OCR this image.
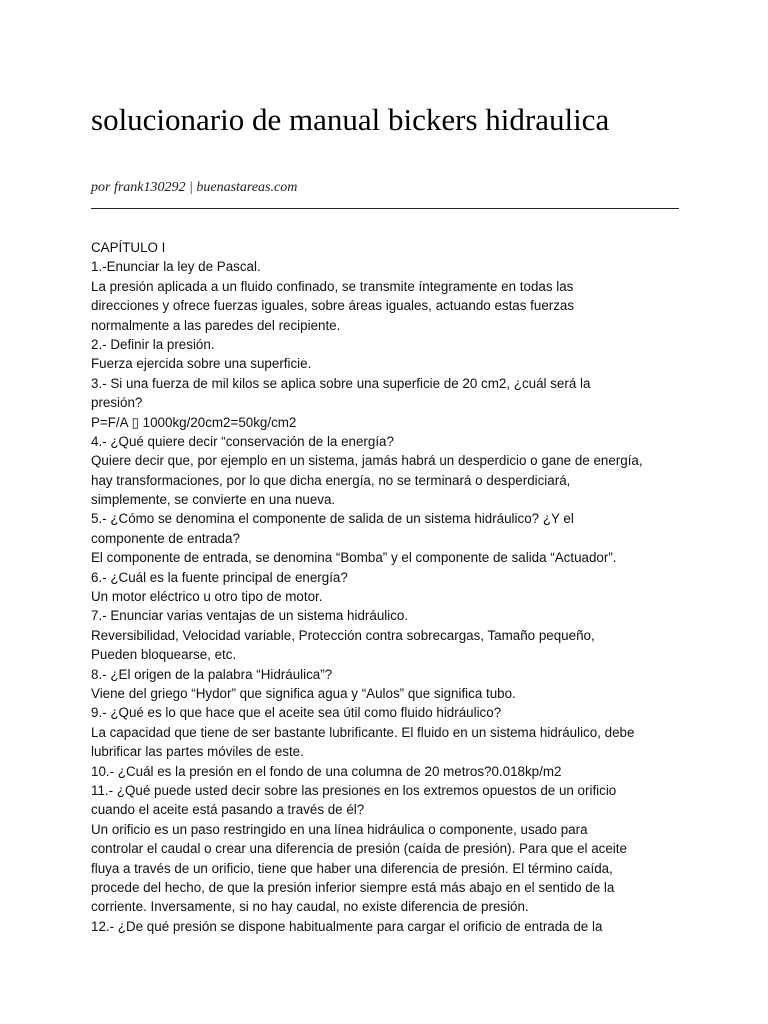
solucionario de manual bickers hidraulica
por frank130292 | buenastareas.com
CAPÍTULO I
1.-Enunciar la ley de Pascal.
La presión aplicada a un fluido confinado, se transmite íntegramente en todas las
direcciones y ofrece fuerzas iguales, sobre áreas iguales, actuando estas fuerzas
normalmente a las paredes del recipiente.
2.- Definir la presión.
Fuerza ejercida sobre una superficie.
3.- Si una fuerza de mil kilos se aplica sobre una superficie de 20 cm2, ¿cuál será la
presión?
P=F/A ▯ 1000kg/20cm2=50kg/cm2
4.- ¿Qué quiere decir “conservación de la energía?
Quiere decir que, por ejemplo en un sistema, jamás habrá un desperdicio o gane de energía,
hay transformaciones, por lo que dicha energía, no se terminará o desperdiciará,
simplemente, se convierte en una nueva.
5.- ¿Cómo se denomina el componente de salida de un sistema hidráulico? ¿Y el
componente de entrada?
El componente de entrada, se denomina “Bomba” y el componente de salida “Actuador”.
6.- ¿Cuál es la fuente principal de energía?
Un motor eléctrico u otro tipo de motor.
7.- Enunciar varias ventajas de un sistema hidráulico.
Reversibilidad, Velocidad variable, Protección contra sobrecargas, Tamaño pequeño,
Pueden bloquearse, etc.
8.- ¿El origen de la palabra “Hidráulica”?
Viene del griego “Hydor” que significa agua y “Aulos” que significa tubo.
9.- ¿Qué es lo que hace que el aceite sea útil como fluido hidráulico?
La capacidad que tiene de ser bastante lubrificante. El fluido en un sistema hidráulico, debe
lubrificar las partes móviles de este.
10.- ¿Cuál es la presión en el fondo de una columna de 20 metros?0.018kp/m2
11.- ¿Qué puede usted decir sobre las presiones en los extremos opuestos de un orificio
cuando el aceite está pasando a través de él?
Un orificio es un paso restringido en una línea hidráulica o componente, usado para
controlar el caudal o crear una diferencia de presión (caída de presión). Para que el aceite
fluya a través de un orificio, tiene que haber una diferencia de presión. El término caída,
procede del hecho, de que la presión inferior siempre está más abajo en el sentido de la
corriente. Inversamente, si no hay caudal, no existe diferencia de presión.
12.- ¿De qué presión se dispone habitualmente para cargar el orificio de entrada de la
